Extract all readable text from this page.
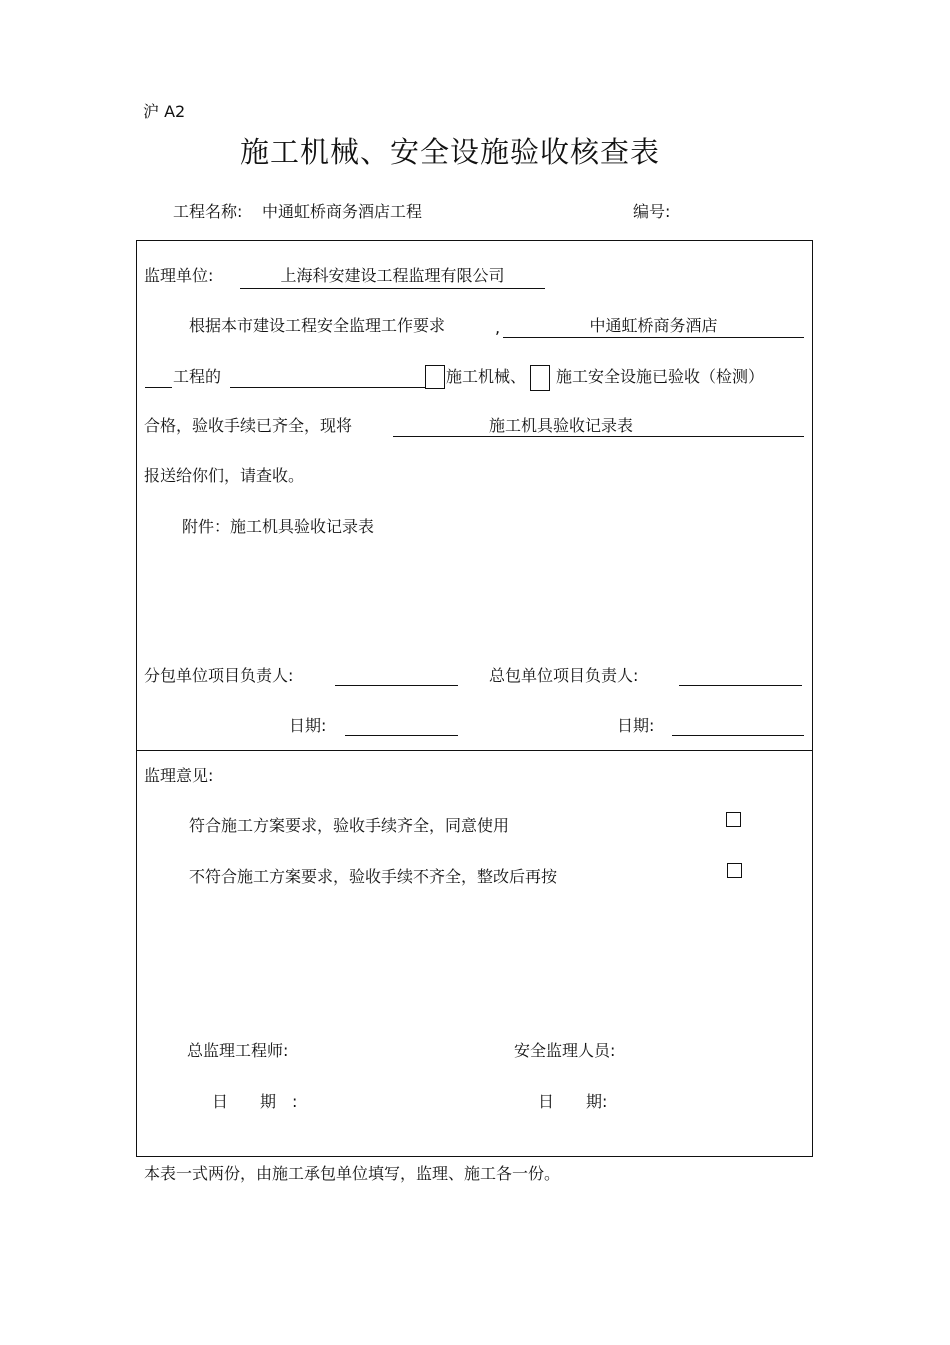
沪 A2
施工机械、安全设施验收核查表
工程名称: 中通虹桥商务酒店工程	编号:
监理单位:	上海科安建设工程监理有限公司
根据本市建设工程安全监理工作要求	,	中通虹桥商务酒店
工程的	施工机械、 施工安全设施已验收（检测）
合格，验收手续已齐全，现将	施工机具验收记录表
报送给你们，请查收。
附件：施工机具验收记录表
分包单位项目负责人:	总包单位项目负责人:
日期:	日期:
监理意见:
符合施工方案要求，验收手续齐全，同意使用
不符合施工方案要求，验收手续不齐全，整改后再按
总监理工程师:	安全监理人员:
日　　期　:	日　　期:
本表一式两份，由施工承包单位填写，监理、施工各一份。
